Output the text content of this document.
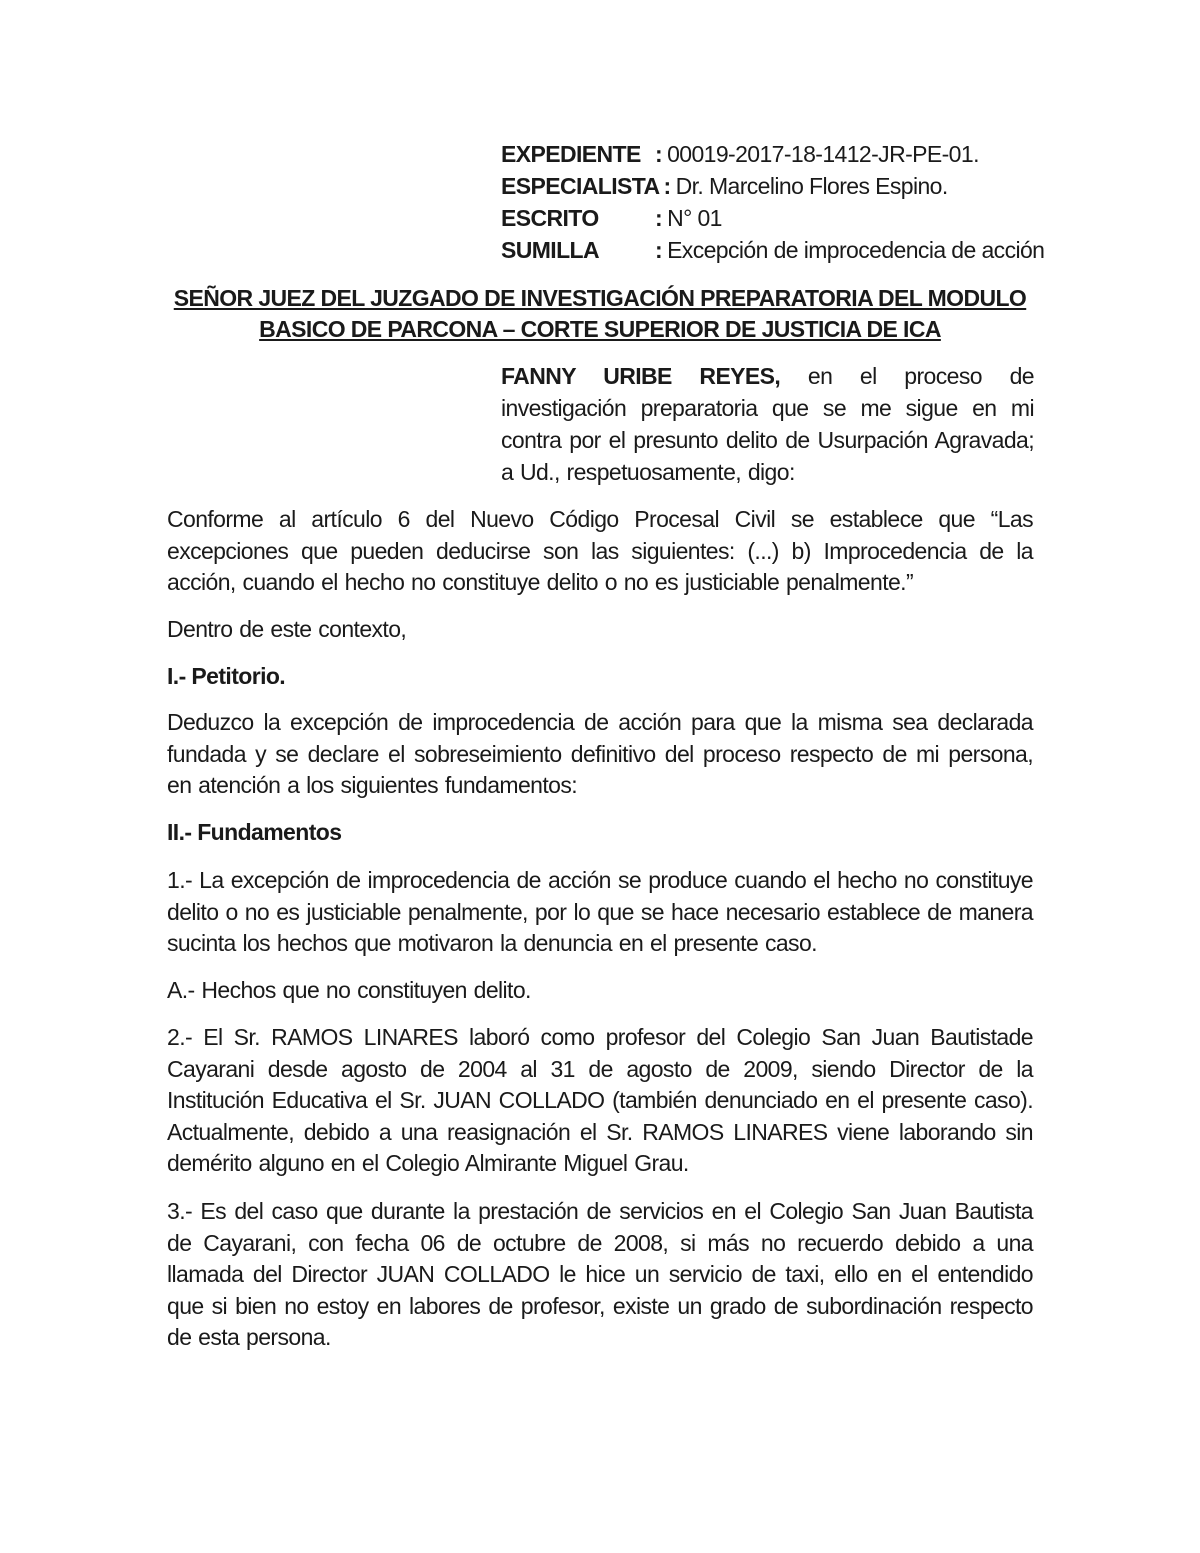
EXPEDIENTE : 00019-2017-18-1412-JR-PE-01.
ESPECIALISTA : Dr. Marcelino Flores Espino.
ESCRITO	: N° 01
SUMILLA	: Excepción de improcedencia de acción
SEÑOR JUEZ DEL JUZGADO DE INVESTIGACIÓN PREPARATORIA DEL MODULO
BASICO DE PARCONA – CORTE SUPERIOR DE JUSTICIA DE ICA

FANNY URIBE REYES, en el proceso de investigación preparatoria que se me sigue en mi contra por el presunto delito de Usurpación Agravada; a Ud., respetuosamente, digo:

Conforme al artículo 6 del Nuevo Código Procesal Civil se establece que “Las excepciones que pueden deducirse son las siguientes: (...) b) Improcedencia de la acción, cuando el hecho no constituye delito o no es justiciable penalmente.”

Dentro de este contexto,

I.- Petitorio.

Deduzco la excepción de improcedencia de acción para que la misma sea declarada fundada y se declare el sobreseimiento definitivo del proceso respecto de mi persona, en atención a los siguientes fundamentos:

II.- Fundamentos

1.- La excepción de improcedencia de acción se produce cuando el hecho no constituye delito o no es justiciable penalmente, por lo que se hace necesario establece de manera sucinta los hechos que motivaron la denuncia en el presente caso.

A.- Hechos que no constituyen delito.

2.- El Sr. RAMOS LINARES laboró como profesor del Colegio San Juan Bautistade Cayarani desde agosto de 2004 al 31 de agosto de 2009, siendo Director de la Institución Educativa el Sr. JUAN COLLADO (también denunciado en el presente caso). Actualmente, debido a una reasignación el Sr. RAMOS LINARES viene laborando sin demérito alguno en el Colegio Almirante Miguel Grau.

3.- Es del caso que durante la prestación de servicios en el Colegio San Juan Bautista de Cayarani, con fecha 06 de octubre de 2008, si más no recuerdo debido a una llamada del Director JUAN COLLADO le hice un servicio de taxi, ello en el entendido que si bien no estoy en labores de profesor, existe un grado de subordinación respecto de esta persona.
